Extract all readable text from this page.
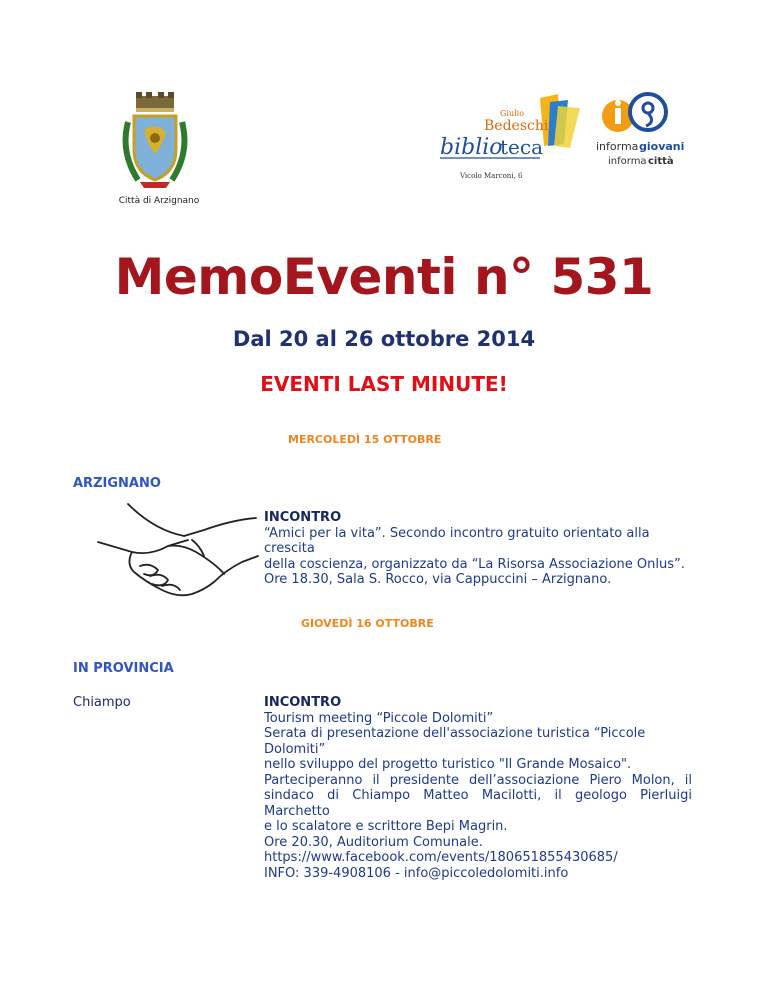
Città di Arzignano
Giulio
Bedeschi
biblio
teca
Vicolo Marconi, 6
informa giovani
informa città
MemoEventi n° 531
Dal 20 al 26 ottobre 2014
EVENTI LAST MINUTE!
MERCOLEDÌ 15 OTTOBRE
ARZIGNANO
INCONTRO
“Amici per la vita”. Secondo incontro gratuito orientato alla crescita
della coscienza, organizzato da “La Risorsa Associazione Onlus”.
Ore 18.30, Sala S. Rocco, via Cappuccini – Arzignano.
GIOVEDÌ 16 OTTOBRE
IN PROVINCIA
Chiampo	INCONTRO
Tourism meeting “Piccole Dolomiti”
Serata di presentazione dell'associazione turistica “Piccole Dolomiti”
nello sviluppo del progetto turistico "Il Grande Mosaico".
Parteciperanno il presidente dell’associazione Piero Molon, il
sindaco di Chiampo Matteo Macilotti, il geologo Pierluigi Marchetto
e lo scalatore e scrittore Bepi Magrin.
Ore 20.30, Auditorium Comunale.
https://www.facebook.com/events/180651855430685/
INFO: 339-4908106 - info@piccoledolomiti.info
